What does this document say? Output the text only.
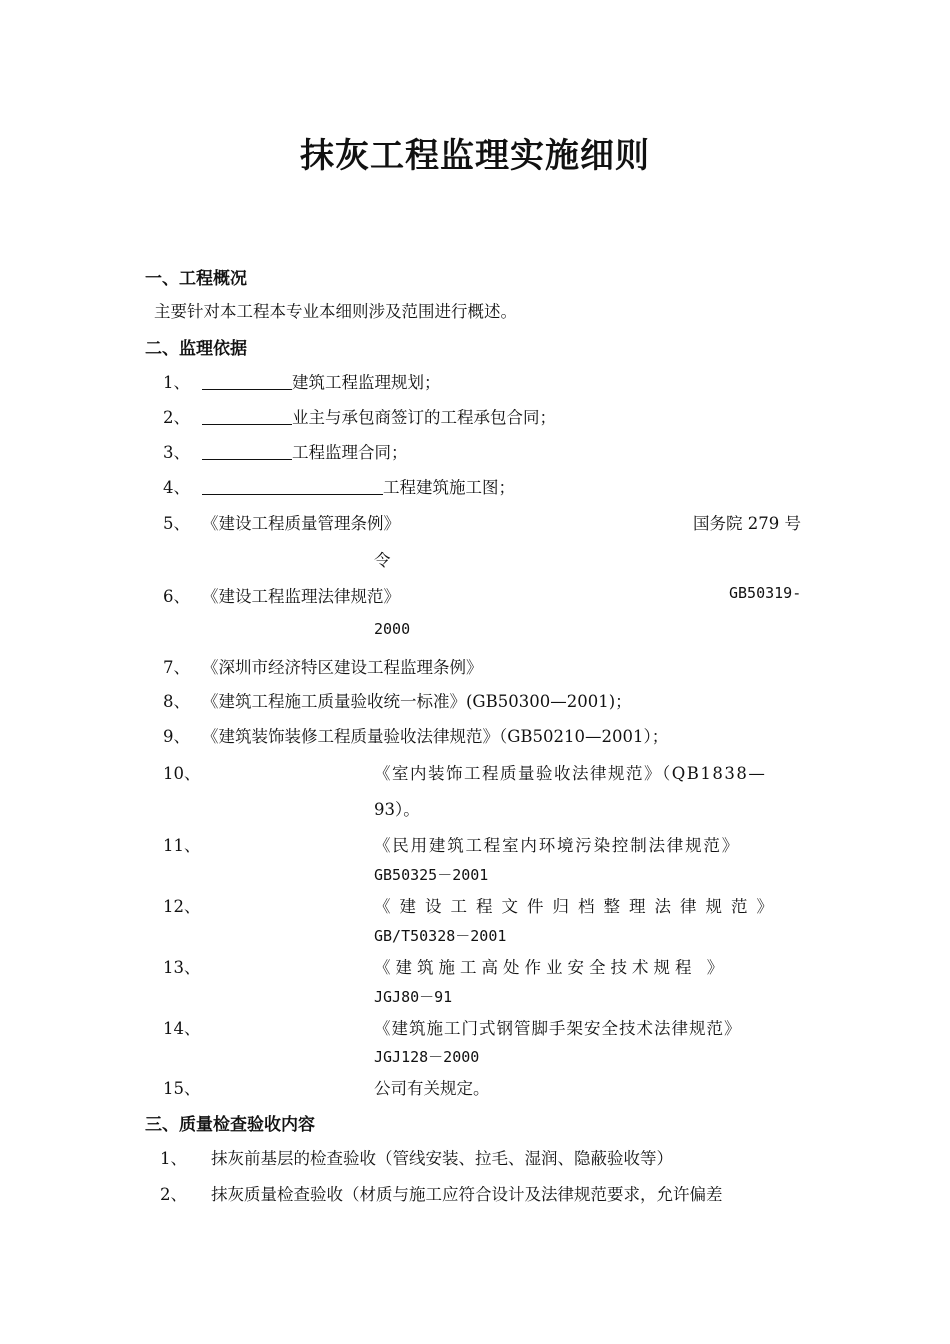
抹灰工程监理实施细则
一、工程概况
主要针对本工程本专业本细则涉及范围进行概述。
二、监理依据
1、	建筑工程监理规划；
2、	业主与承包商签订的工程承包合同；
3、	工程监理合同；
4、	工程建筑施工图；
5、 《建设工程质量管理条例》	国务院 279 号
令
6、 《建设工程监理法律规范》	GB50319-
2000
7、 《深圳市经济特区建设工程监理条例》
8、 《建筑工程施工质量验收统一标准》(GB50300—2001)；
9、 《建筑装饰装修工程质量验收法律规范》（GB50210—2001）；
10、	《室内装饰工程质量验收法律规范》（QB1838—
93）。
11、	《民用建筑工程室内环境污染控制法律规范》
GB50325－2001
12、	《建设工程文件归档整理法律规范》
GB/T50328－2001
13、	《建筑施工高处作业安全技术规程 》
JGJ80－91
14、	《建筑施工门式钢管脚手架安全技术法律规范》
JGJ128－2000
15、	公司有关规定。
三、质量检查验收内容
1、 抹灰前基层的检查验收（管线安装、拉毛、湿润、隐蔽验收等）
2、 抹灰质量检查验收（材质与施工应符合设计及法律规范要求，允许偏差
